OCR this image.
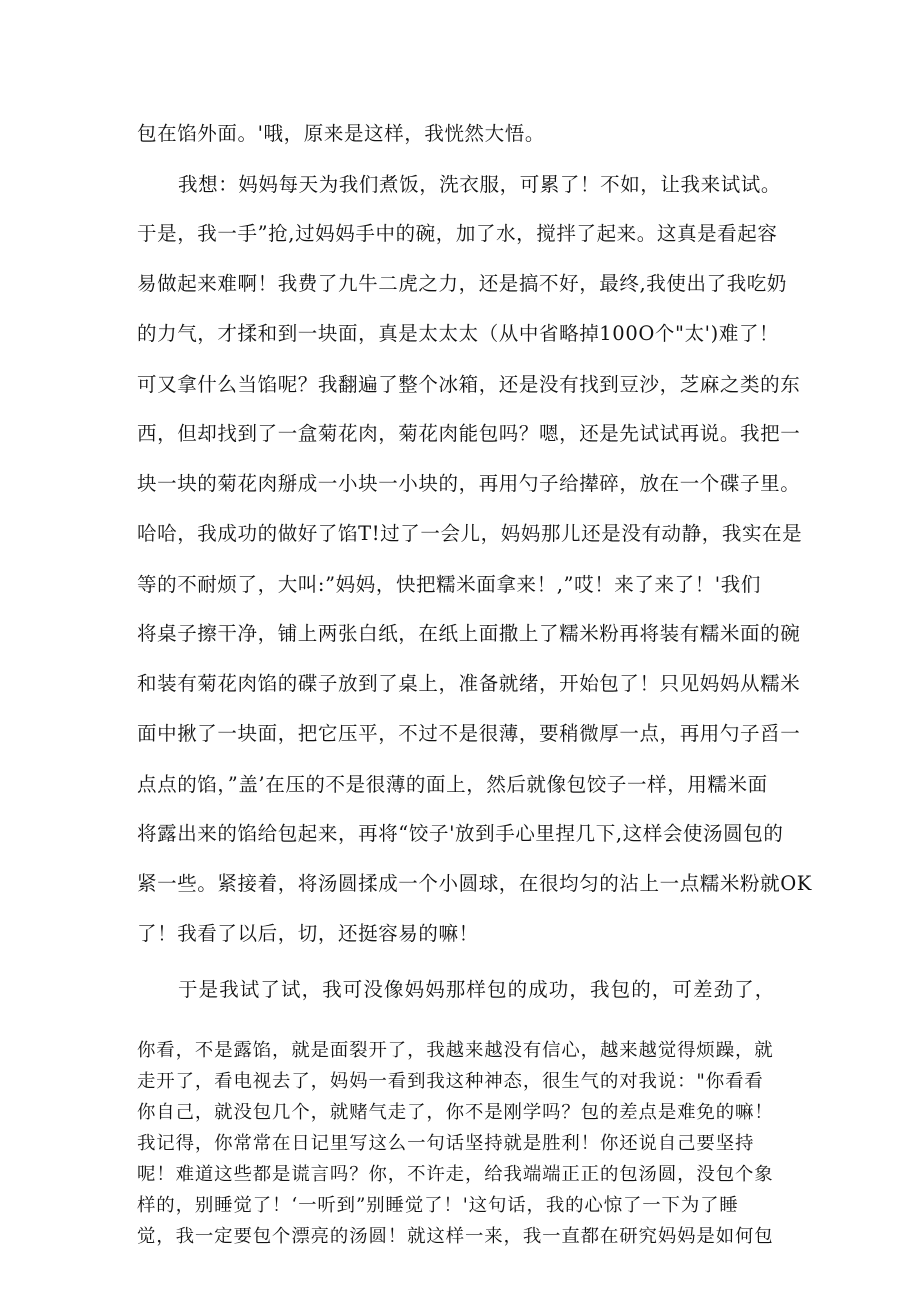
包在馅外面。'哦，原来是这样，我恍然大悟。
我想：妈妈每天为我们煮饭，洗衣服，可累了！不如，让我来试试。
于是，我一手”抢,过妈妈手中的碗，加了水，搅拌了起来。这真是看起容
易做起来难啊！我费了九牛二虎之力，还是搞不好，最终,我使出了我吃奶
的力气，才揉和到一块面，真是太太太（从中省略掉100O个"太')难了！
可又拿什么当馅呢？我翻遍了整个冰箱，还是没有找到豆沙，芝麻之类的东
西，但却找到了一盒菊花肉，菊花肉能包吗？嗯，还是先试试再说。我把一
块一块的菊花肉掰成一小块一小块的，再用勺子给撵碎，放在一个碟子里。
哈哈，我成功的做好了馅T!过了一会儿，妈妈那儿还是没有动静，我实在是
等的不耐烦了，大叫:”妈妈，快把糯米面拿来！,”哎！来了来了！'我们
将桌子擦干净，铺上两张白纸，在纸上面撒上了糯米粉再将装有糯米面的碗
和装有菊花肉馅的碟子放到了桌上，准备就绪，开始包了！只见妈妈从糯米
面中揪了一块面，把它压平，不过不是很薄，要稍微厚一点，再用勺子舀一
点点的馅，”盖’在压的不是很薄的面上，然后就像包饺子一样，用糯米面
将露出来的馅给包起来，再将“饺子'放到手心里捏几下,这样会使汤圆包的
紧一些。紧接着，将汤圆揉成一个小圆球，在很均匀的沾上一点糯米粉就OK
了！我看了以后，切，还挺容易的嘛！
于是我试了试，我可没像妈妈那样包的成功，我包的，可差劲了，
你看，不是露馅，就是面裂开了，我越来越没有信心，越来越觉得烦躁，就
走开了，看电视去了，妈妈一看到我这种神态，很生气的对我说："你看看
你自己，就没包几个，就赌气走了，你不是刚学吗？包的差点是难免的嘛！
我记得，你常常在日记里写这么一句话坚持就是胜利！你还说自己要坚持
呢！难道这些都是谎言吗？你，不许走，给我端端正正的包汤圆，没包个象
样的，别睡觉了！‘一听到”别睡觉了！'这句话，我的心惊了一下为了睡
觉，我一定要包个漂亮的汤圆！就这样一来，我一直都在研究妈妈是如何包
